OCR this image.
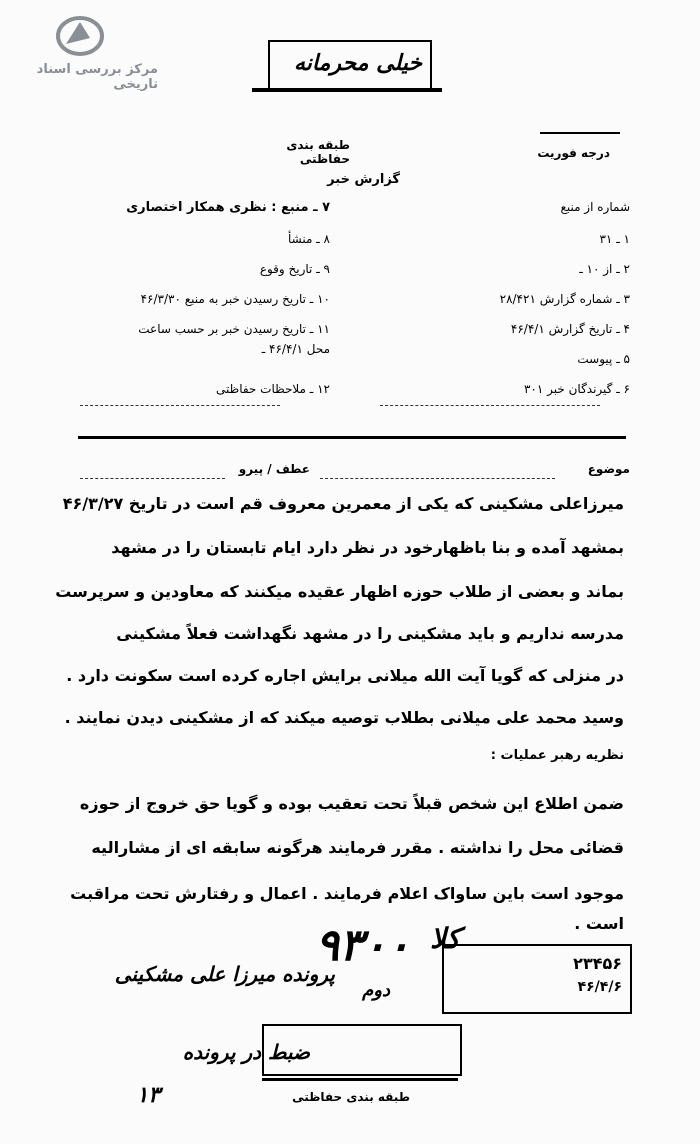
مرکز بررسی اسناد تاریخی
خیلی محرمانه
طبقه بندی حفاظتی	درجه فوریت
گزارش خبر
شماره از منبع
۱ ـ ۳۱
۲ ـ از ۱۰ ـ
۳ ـ شماره گزارش ۲۸/۴۲۱
۴ ـ تاریخ گزارش ۴۶/۴/۱
۵ ـ پیوست
۶ ـ گیرندگان خبر ۳۰۱
۷ ـ منبع : نظری همکار اختصاری
۸ ـ منشأ
۹ ـ تاریخ وقوع
۱۰ ـ تاریخ رسیدن خبر به منبع ۴۶/۳/۳۰
۱۱ ـ تاریخ رسیدن خبر بر حسب ساعت
محل ۴۶/۴/۱ ـ
۱۲ ـ ملاحظات حفاظتی
موضوع
عطف / پیرو
میرزاعلی مشکینی که یکی از معمرین معروف قم است در تاریخ ۴۶/۳/۲۷
بمشهد آمده و بنا باظهارخود در نظر دارد ایام تابستان را در مشهد
بماند و بعضی از طلاب حوزه اظهار عقیده میکنند که معاودین و سرپرست
مدرسه نداریم و باید مشکینی را در مشهد نگهداشت فعلاً مشکینی
در منزلی که گویا آیت الله میلانی برایش اجاره کرده است سکونت دارد .
وسید محمد علی میلانی بطلاب توصیه میکند که از مشکینی دیدن نمایند .
نظریه رهبر عملیات :
ضمن اطلاع این شخص قبلاً تحت تعقیب بوده و گویا حق خروج از حوزه
قضائی محل را نداشته . مقرر فرمایند هرگونه سابقه ای از مشارالیه
موجود است باین ساواک اعلام فرمایند . اعمال و رفتارش تحت مراقبت
است .
۹۳۰۰ کلا
دوم
پرونده میرزا علی مشکینی
ضبط در پرونده
۱۳
۲۳۴۵۶
۴۶/۴/۶
طبقه بندی حفاظتی
